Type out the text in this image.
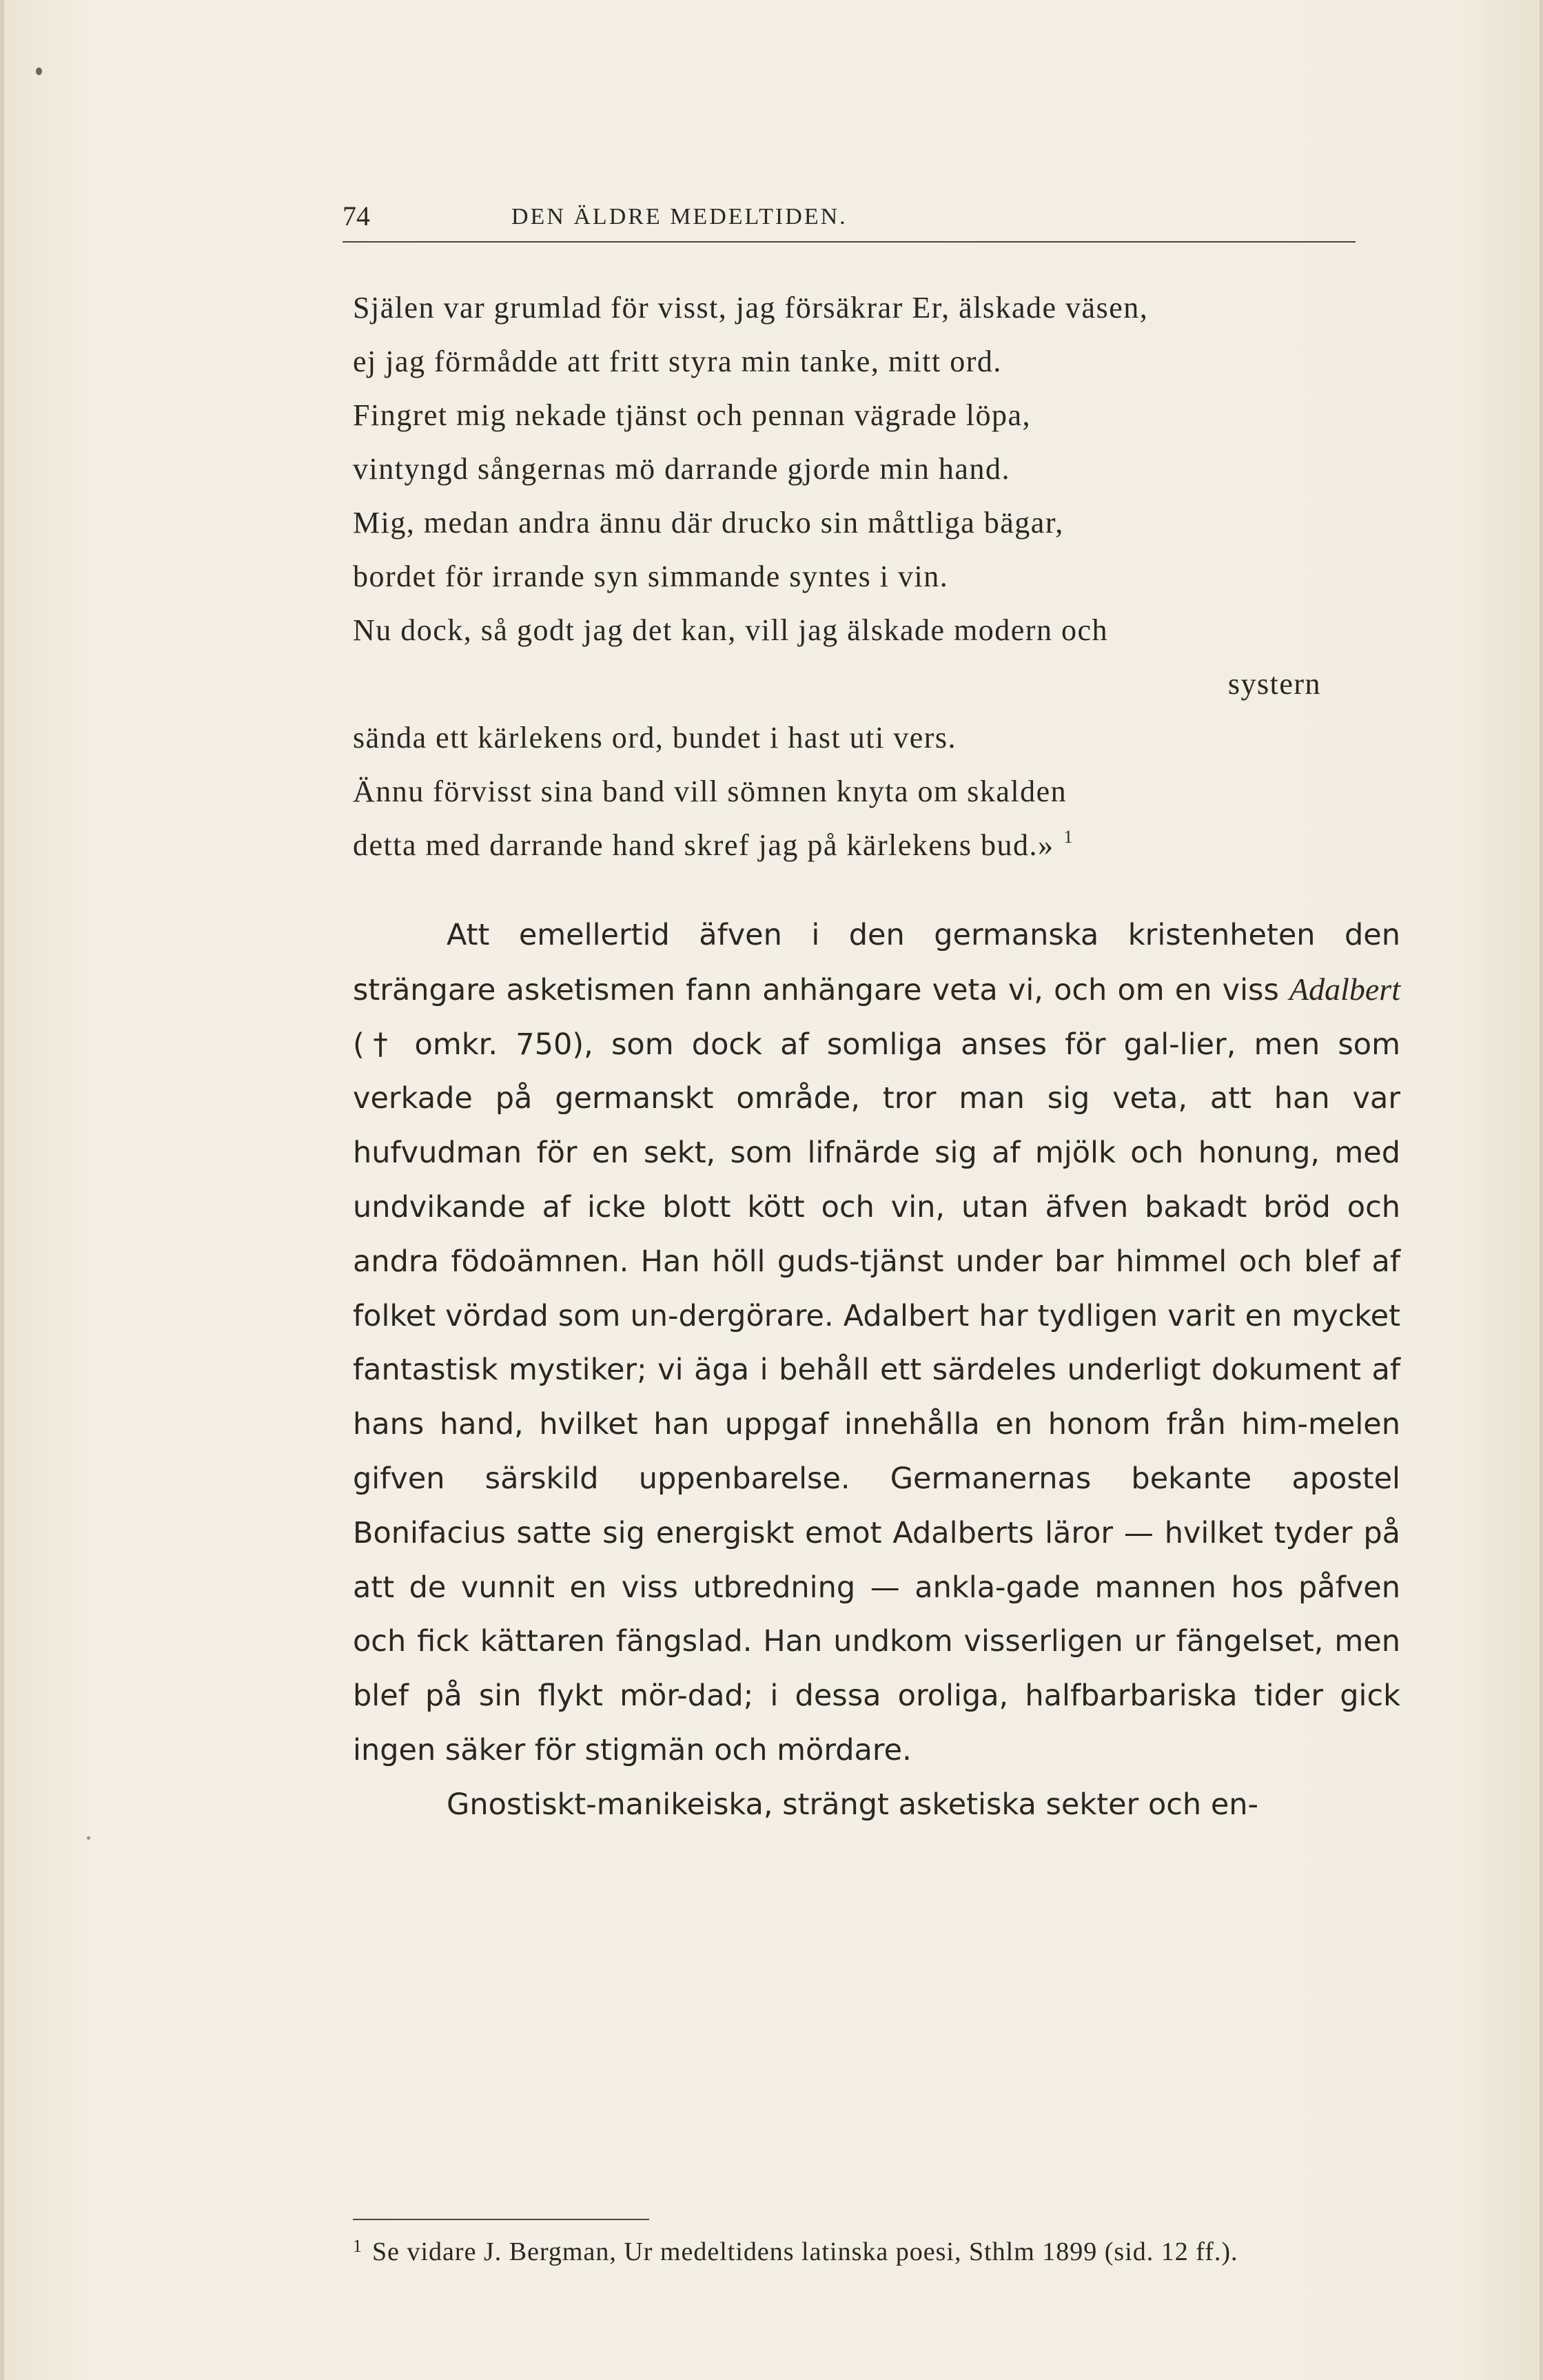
74	DEN ÄLDRE MEDELTIDEN.
Själen var grumlad för visst, jag försäkrar Er, älskade väsen,
ej jag förmådde att fritt styra min tanke, mitt ord.
Fingret mig nekade tjänst och pennan vägrade löpa,
vintyngd sångernas mö darrande gjorde min hand.
Mig, medan andra ännu där drucko sin måttliga bägar,
bordet för irrande syn simmande syntes i vin.
Nu dock, så godt jag det kan, vill jag älskade modern och
systern
sända ett kärlekens ord, bundet i hast uti vers.
Ännu förvisst sina band vill sömnen knyta om skalden
detta med darrande hand skref jag på kärlekens bud.» $^1$

Att emellertid äfven i den germanska kristenheten den strängare asketismen fann anhängare veta vi, och om en viss Adalbert († omkr. 750), som dock af somliga anses för gal-lier, men som verkade på germanskt område, tror man sig veta, att han var hufvudman för en sekt, som lifnärde sig af mjölk och honung, med undvikande af icke blott kött och vin, utan äfven bakadt bröd och andra födoämnen. Han höll guds-tjänst under bar himmel och blef af folket vördad som un-dergörare. Adalbert har tydligen varit en mycket fantastisk mystiker; vi äga i behåll ett särdeles underligt dokument af hans hand, hvilket han uppgaf innehålla en honom från him-melen gifven särskild uppenbarelse. Germanernas bekante apostel Bonifacius satte sig energiskt emot Adalberts läror — hvilket tyder på att de vunnit en viss utbredning — ankla-gade mannen hos påfven och fick kättaren fängslad. Han undkom visserligen ur fängelset, men blef på sin flykt mör-dad; i dessa oroliga, halfbarbariska tider gick ingen säker för stigmän och mördare.

Gnostiskt-manikeiska, strängt asketiska sekter och en-

$^1$ Se vidare J. Bergman, Ur medeltidens latinska poesi, Sthlm 1899 (sid. 12 ff.).
